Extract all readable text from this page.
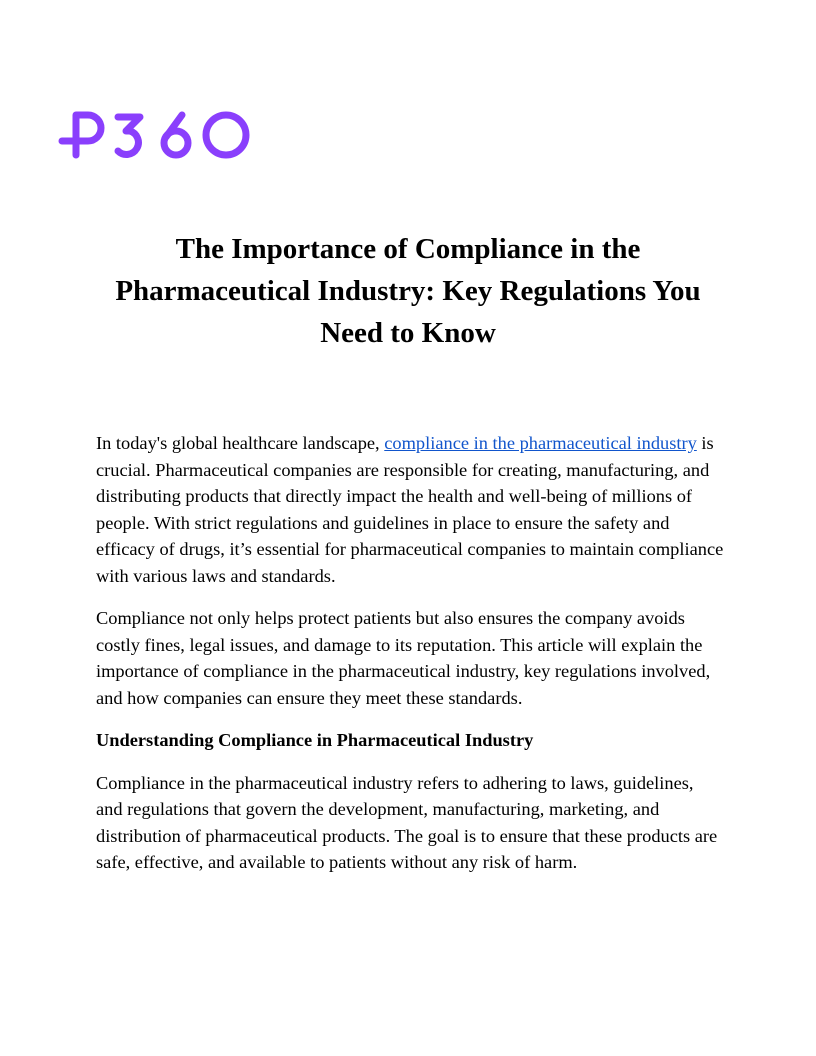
The Importance of Compliance in the Pharmaceutical Industry: Key Regulations You Need to Know

In today's global healthcare landscape, compliance in the pharmaceutical industry is crucial. Pharmaceutical companies are responsible for creating, manufacturing, and distributing products that directly impact the health and well-being of millions of people. With strict regulations and guidelines in place to ensure the safety and efficacy of drugs, it’s essential for pharmaceutical companies to maintain compliance with various laws and standards.

Compliance not only helps protect patients but also ensures the company avoids costly fines, legal issues, and damage to its reputation. This article will explain the importance of compliance in the pharmaceutical industry, key regulations involved, and how companies can ensure they meet these standards.

Understanding Compliance in Pharmaceutical Industry

Compliance in the pharmaceutical industry refers to adhering to laws, guidelines, and regulations that govern the development, manufacturing, marketing, and distribution of pharmaceutical products. The goal is to ensure that these products are safe, effective, and available to patients without any risk of harm.
